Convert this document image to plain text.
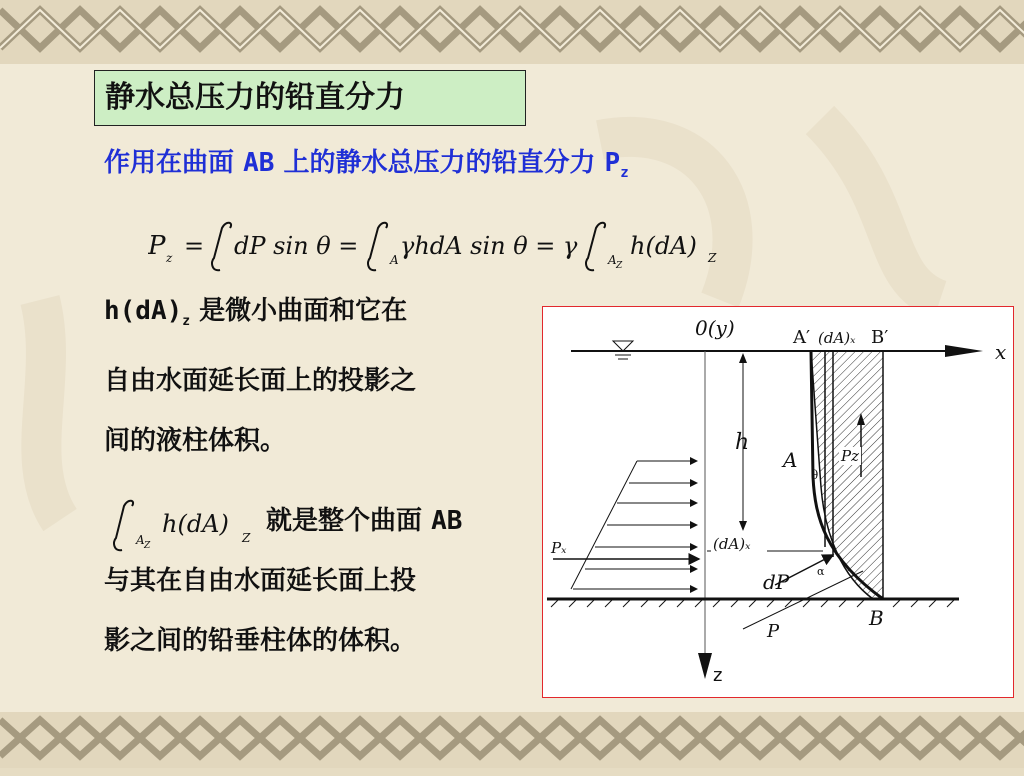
静水总压力的铅直分力
作用在曲面 AB 上的静水总压力的铅直分力 $P_z$
P z = dP sin θ =	A γhdA sin θ = γ	A Z
h(dA) Z
$h(dA)_z$ 是微小曲面和它在
自由水面延长面上的投影之
间的液柱体积。
A Z
h(dA) Z
就是整个曲面 AB
与其在自由水面延长面上投
影之间的铅垂柱体的体积。
x
0(y)
z
A′ (dA)ₓ B′
h
A
θ
Pz
Pₓ	(dA)ₓ
dP	α
P
B
